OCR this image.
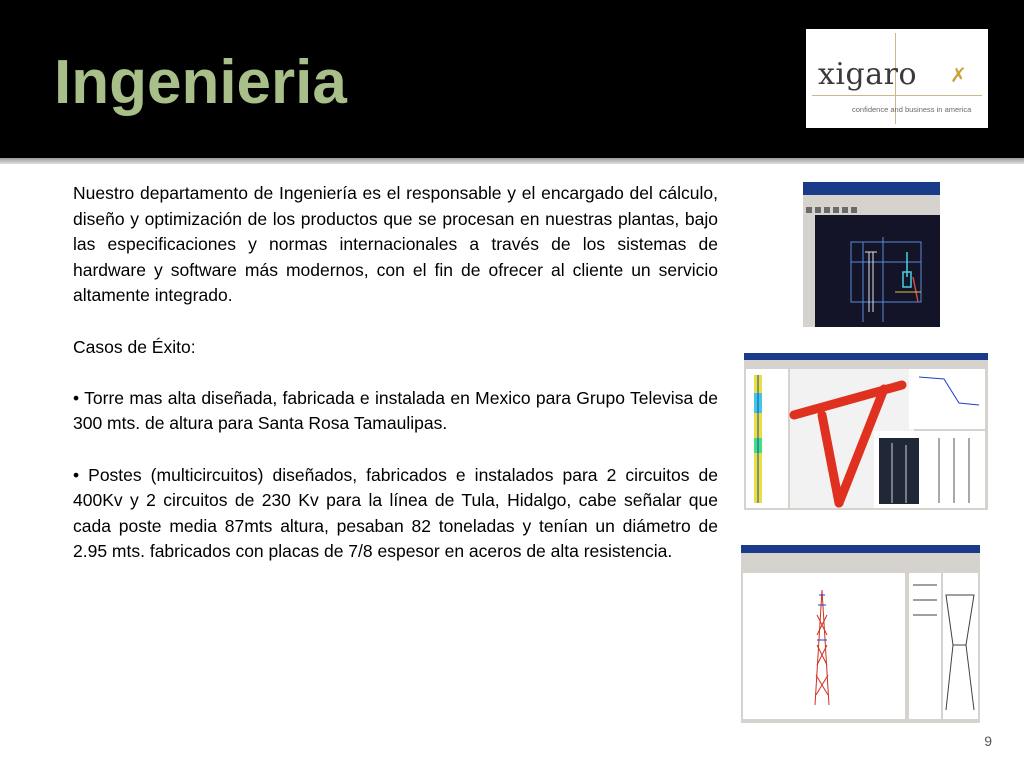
Ingenieria	xigaro ✗
confidence and business in america

Nuestro departamento de Ingeniería es el responsable y el encargado del cálculo, diseño y optimización de los productos que se procesan en nuestras plantas, bajo las especificaciones y normas internacionales a través de los sistemas de hardware y software más modernos, con el fin de ofrecer al cliente un servicio altamente integrado.

Casos de Éxito:

• Torre mas alta diseñada, fabricada e instalada en Mexico para Grupo Televisa de 300 mts. de altura para Santa Rosa Tamaulipas.

• Postes (multicircuitos) diseñados, fabricados e instalados para 2 circuitos de 400Kv y 2 circuitos de 230 Kv para la línea de Tula, Hidalgo, cabe señalar que cada poste media 87mts altura, pesaban 82 toneladas y tenían un diámetro de 2.95 mts. fabricados con placas de 7/8 espesor en aceros de alta resistencia.

9
